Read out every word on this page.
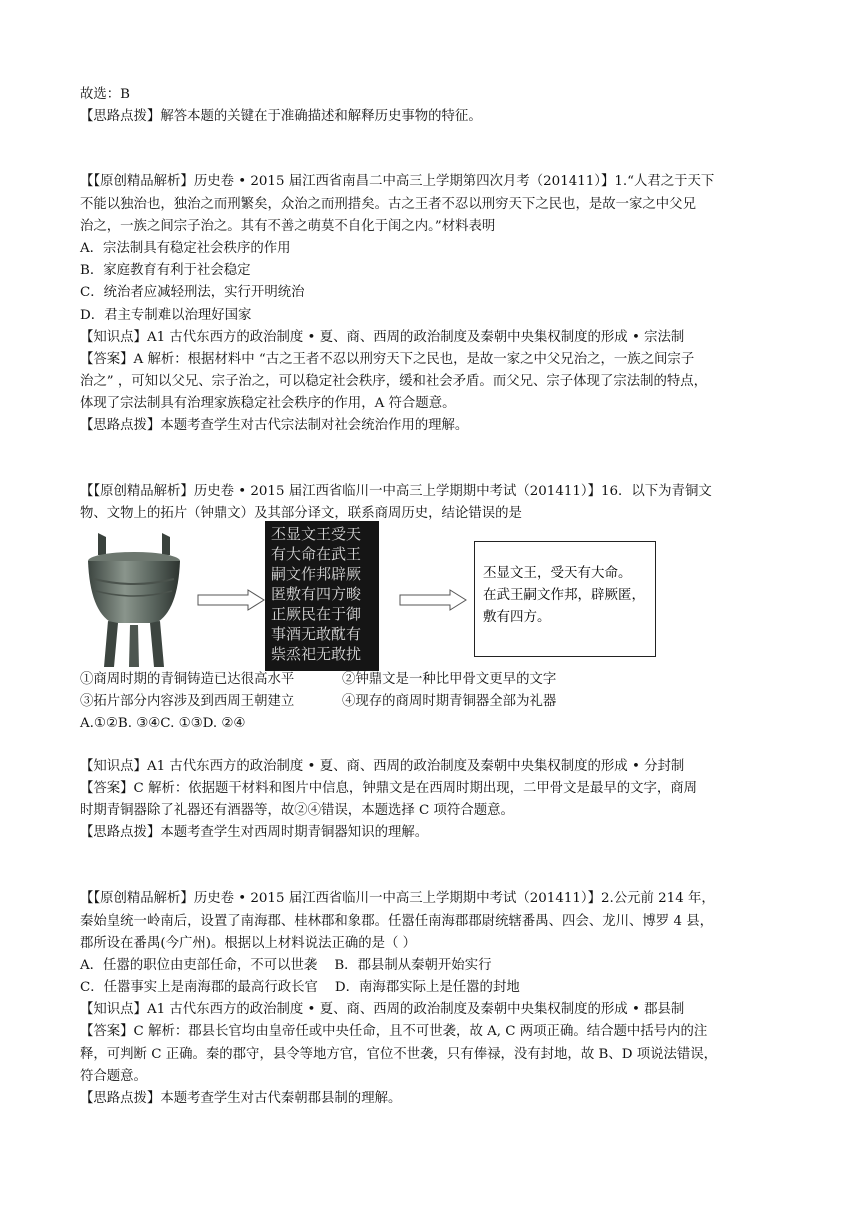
故选：B
【思路点拨】解答本题的关键在于准确描述和解释历史事物的特征。
【【原创精品解析】历史卷 • 2015 届江西省南昌二中高三上学期第四次月考（201411）】1.“人君之于天下
不能以独治也，独治之而刑繁矣，众治之而刑措矣。古之王者不忍以刑穷天下之民也，是故一家之中父兄
治之，一族之间宗子治之。其有不善之萌莫不自化于闺之内。”材料表明
A．宗法制具有稳定社会秩序的作用
B．家庭教育有利于社会稳定
C．统治者应减轻刑法，实行开明统治
D．君主专制难以治理好国家
【知识点】A1 古代东西方的政治制度 • 夏、商、西周的政治制度及秦朝中央集权制度的形成 • 宗法制
【答案】A 解析：根据材料中 “古之王者不忍以刑穷天下之民也，是故一家之中父兄治之，一族之间宗子
治之” ，可知以父兄、宗子治之，可以稳定社会秩序，缓和社会矛盾。而父兄、宗子体现了宗法制的特点，
体现了宗法制具有治理家族稳定社会秩序的作用，A 符合题意。
【思路点拨】本题考查学生对古代宗法制对社会统治作用的理解。
【【原创精品解析】历史卷 • 2015 届江西省临川一中高三上学期期中考试（201411）】16．以下为青铜文
物、文物上的拓片（钟鼎文）及其部分译文，联系商周历史，结论错误的是
丕显文王受天
有大命在武王
嗣文作邦辟厥
匿敷有四方畯
正厥民在于御
事酒无敢酖有
祡烝祀无敢扰
丕显文王，受天有大命。
在武王嗣文作邦，辟厥匿，
敷有四方。
①商周时期的青铜铸造已达很高水平	②钟鼎文是一种比甲骨文更早的文字
③拓片部分内容涉及到西周王朝建立	④现存的商周时期青铜器全部为礼器
A.①②B. ③④C. ①③D. ②④
【知识点】A1 古代东西方的政治制度 • 夏、商、西周的政治制度及秦朝中央集权制度的形成 • 分封制
【答案】C 解析：依据题干材料和图片中信息，钟鼎文是在西周时期出现，二甲骨文是最早的文字，商周
时期青铜器除了礼器还有酒器等，故②④错误，本题选择 C 项符合题意。
【思路点拨】本题考查学生对西周时期青铜器知识的理解。
【【原创精品解析】历史卷 • 2015 届江西省临川一中高三上学期期中考试（201411）】2.公元前 214 年，
秦始皇统一岭南后，设置了南海郡、桂林郡和象郡。任嚣任南海郡郡尉统辖番禺、四会、龙川、博罗 4 县，
郡所设在番禺(今广州)。根据以上材料说法正确的是（ ）
A．任嚣的职位由吏部任命，不可以世袭    B．郡县制从秦朝开始实行
C．任嚣事实上是南海郡的最高行政长官    D．南海郡实际上是任嚣的封地
【知识点】A1 古代东西方的政治制度 • 夏、商、西周的政治制度及秦朝中央集权制度的形成 • 郡县制
【答案】C 解析：郡县长官均由皇帝任或中央任命，且不可世袭，故 A, C 两项正确。结合题中括号内的注
释，可判断 C 正确。秦的郡守，县令等地方官，官位不世袭，只有俸禄，没有封地，故 B、D 项说法错误，
符合题意。
【思路点拨】本题考查学生对古代秦朝郡县制的理解。
